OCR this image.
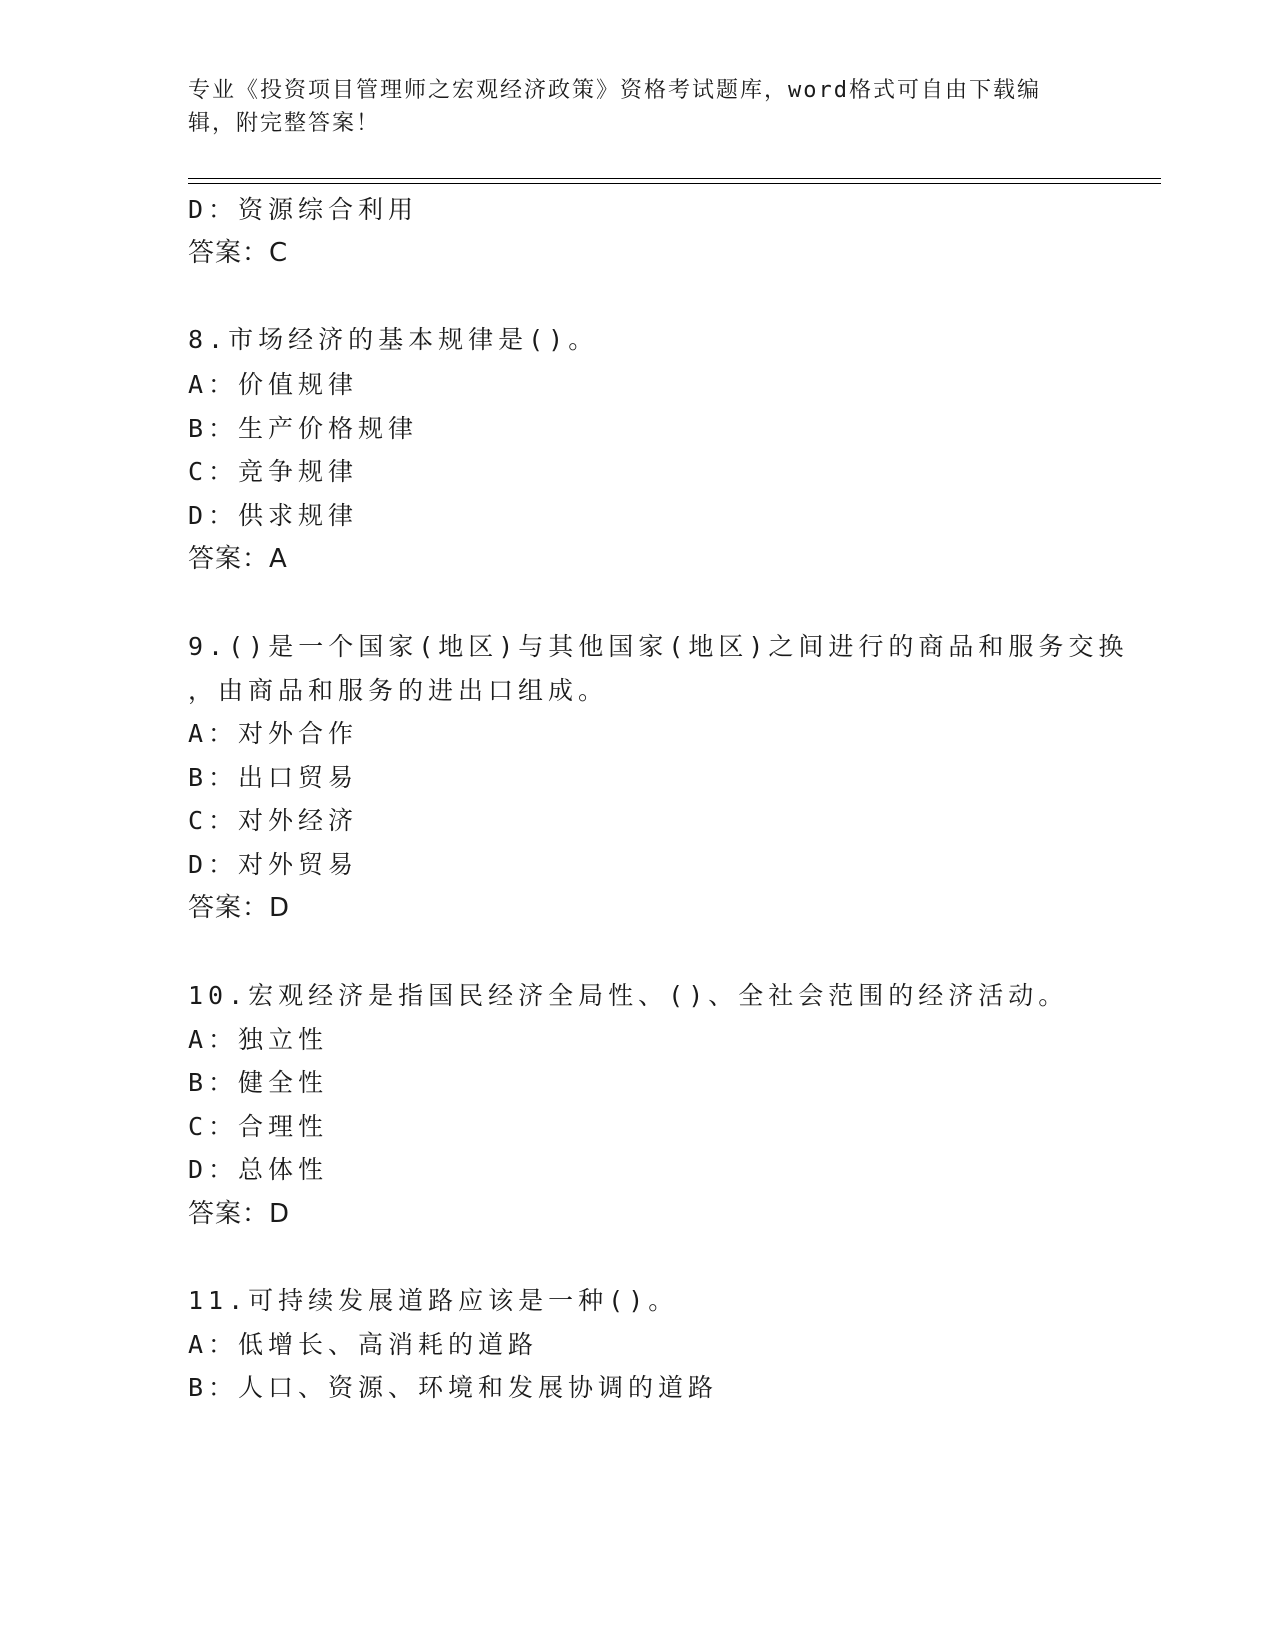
专业《投资项目管理师之宏观经济政策》资格考试题库，word格式可自由下载编
辑，附完整答案！
D：资源综合利用
答案：C
8.市场经济的基本规律是()。
A：价值规律
B：生产价格规律
C：竞争规律
D：供求规律
答案：A
9.()是一个国家(地区)与其他国家(地区)之间进行的商品和服务交换
，由商品和服务的进出口组成。
A：对外合作
B：出口贸易
C：对外经济
D：对外贸易
答案：D
10.宏观经济是指国民经济全局性、()、全社会范围的经济活动。
A：独立性
B：健全性
C：合理性
D：总体性
答案：D
11.可持续发展道路应该是一种()。
A：低增长、高消耗的道路
B：人口、资源、环境和发展协调的道路
